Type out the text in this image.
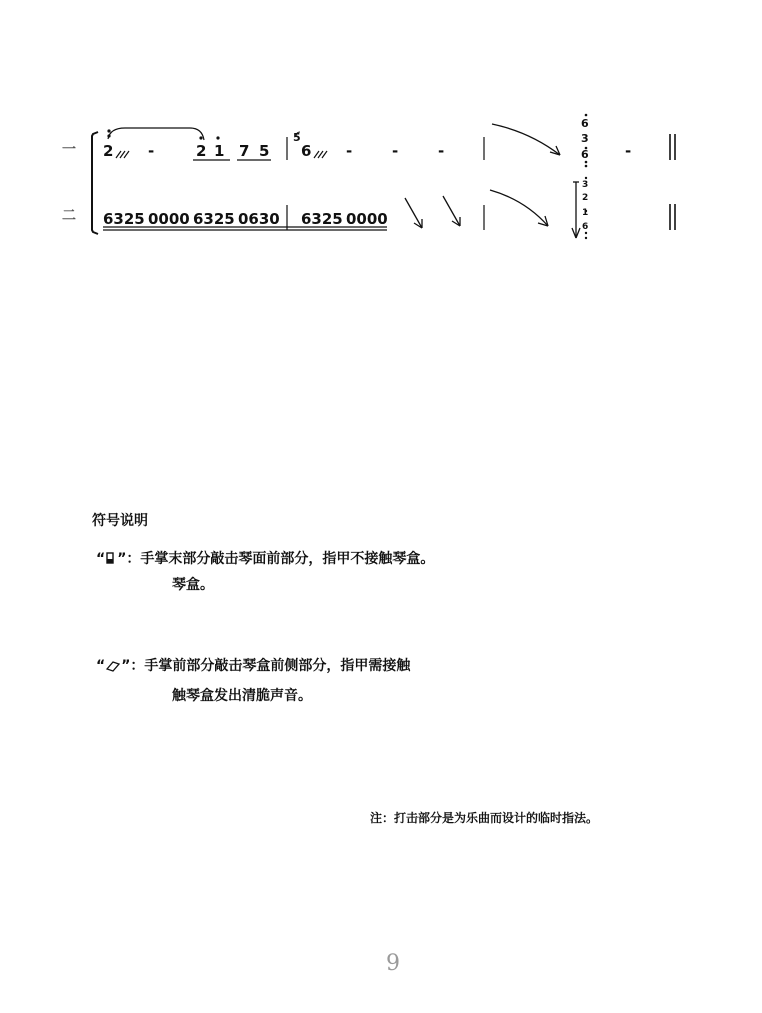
一
二
2 -	2 1 7 5
5
6 -	-	-
6
3
6 -
6325 0000 6325 0630 6325 0000
3
2
1
6
符号说明
“ ”：手掌末部分敲击琴面前部分，指甲不接触琴盒。
琴盒。
“ ”：手掌前部分敲击琴盒前侧部分，指甲需接触
触琴盒发出清脆声音。
注：打击部分是为乐曲而设计的临时指法。
9
